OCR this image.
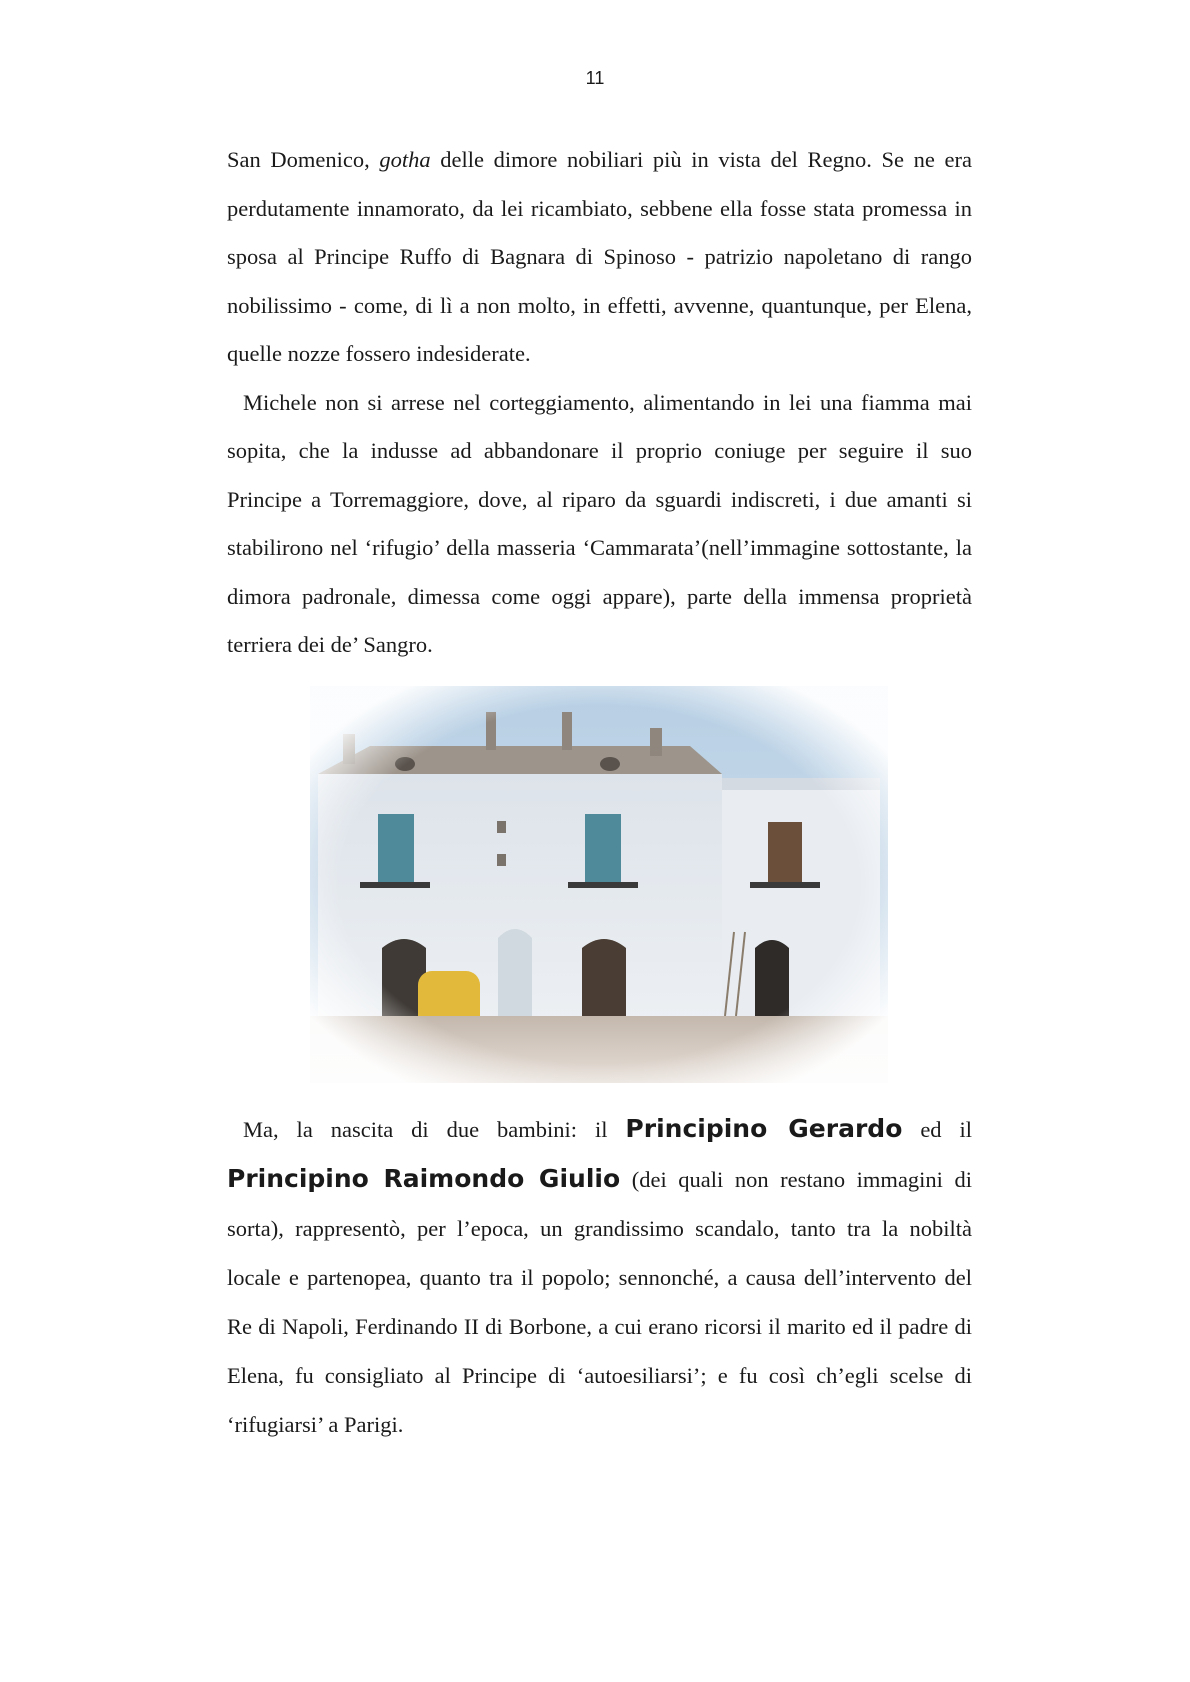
11

San Domenico, gotha delle dimore nobiliari più in vista del Regno. Se ne era perdutamente innamorato, da lei ricambiato, sebbene ella fosse stata promessa in sposa al Principe Ruffo di Bagnara di Spinoso - patrizio napoletano di rango nobilissimo - come, di lì a non molto, in effetti, avvenne, quantunque, per Elena, quelle nozze fossero indesiderate.

Michele non si arrese nel corteggiamento, alimentando in lei una fiamma mai sopita, che la indusse ad abbandonare il proprio coniuge per seguire il suo Principe a Torremaggiore, dove, al riparo da sguardi indiscreti, i due amanti si stabilirono nel ‘rifugio’ della masseria ‘Cammarata’(nell’immagine sottostante, la dimora padronale, dimessa come oggi appare), parte della immensa proprietà terriera dei de’ Sangro.

Ma, la nascita di due bambini: il Principino Gerardo ed il Principino Raimondo Giulio (dei quali non restano immagini di sorta), rappresentò, per l’epoca, un grandissimo scandalo, tanto tra la nobiltà locale e partenopea, quanto tra il popolo; sennonché, a causa dell’intervento del Re di Napoli, Ferdinando II di Borbone, a cui erano ricorsi il marito ed il padre di Elena, fu consigliato al Principe di ‘autoesiliarsi’; e fu così ch’egli scelse di ‘rifugiarsi’ a Parigi.
